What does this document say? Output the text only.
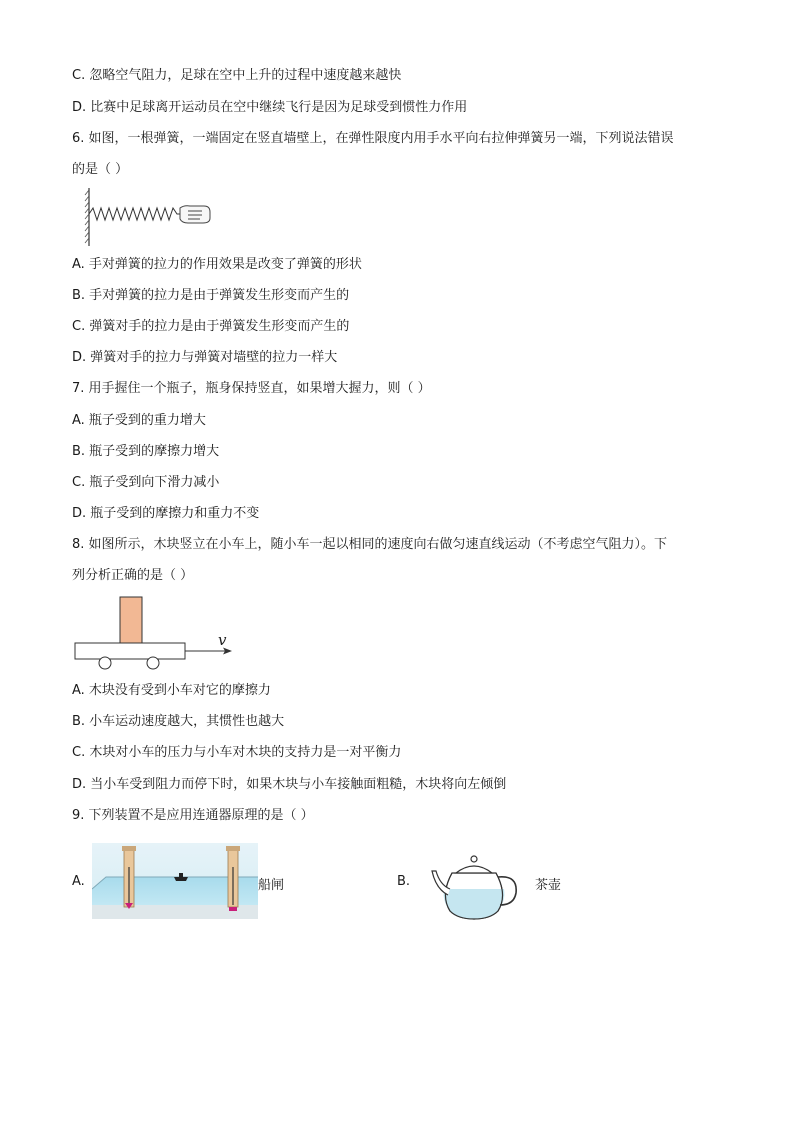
C. 忽略空气阻力，足球在空中上升的过程中速度越来越快
D. 比赛中足球离开运动员在空中继续飞行是因为足球受到惯性力作用
6. 如图，一根弹簧，一端固定在竖直墙壁上，在弹性限度内用手水平向右拉伸弹簧另一端，下列说法错误
的是（ ）
A. 手对弹簧的拉力的作用效果是改变了弹簧的形状
B. 手对弹簧的拉力是由于弹簧发生形变而产生的
C. 弹簧对手的拉力是由于弹簧发生形变而产生的
D. 弹簧对手的拉力与弹簧对墙壁的拉力一样大
7. 用手握住一个瓶子，瓶身保持竖直，如果增大握力，则（ ）
A. 瓶子受到的重力增大
B. 瓶子受到的摩擦力增大
C. 瓶子受到向下滑力减小
D. 瓶子受到的摩擦力和重力不变
8. 如图所示，木块竖立在小车上，随小车一起以相同的速度向右做匀速直线运动（不考虑空气阻力）。下
列分析正确的是（ ）
v
A. 木块没有受到小车对它的摩擦力
B. 小车运动速度越大，其惯性也越大
C. 木块对小车的压力与小车对木块的支持力是一对平衡力
D. 当小车受到阻力而停下时，如果木块与小车接触面粗糙，木块将向左倾倒
9. 下列装置不是应用连通器原理的是（ ）
A.	船闸	B.	茶壶
